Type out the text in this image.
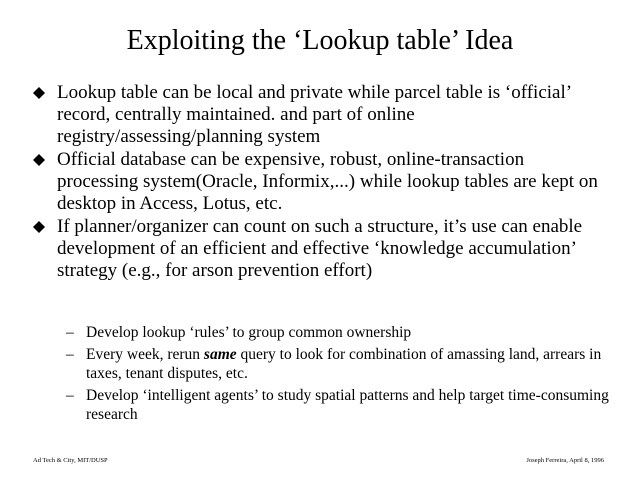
Exploiting the ‘Lookup table’ Idea
Lookup table can be local and private while parcel table is ‘official’ record, centrally maintained. and part of online registry/assessing/planning system
Official database can be expensive, robust, online-transaction processing system(Oracle, Informix,...) while lookup tables are kept on desktop in Access, Lotus, etc.
If planner/organizer can count on such a structure, it’s use can enable development of an efficient and effective ‘knowledge accumulation’ strategy (e.g., for arson prevention effort)
– Develop lookup ‘rules’ to group common ownership
– Every week, rerun same query to look for combination of amassing land, arrears in taxes, tenant disputes, etc.
– Develop ‘intelligent agents’ to study spatial patterns and help target time-consuming research
Ad Tech & City, MIT/DUSP	Joseph Ferreira, April 8, 1996
